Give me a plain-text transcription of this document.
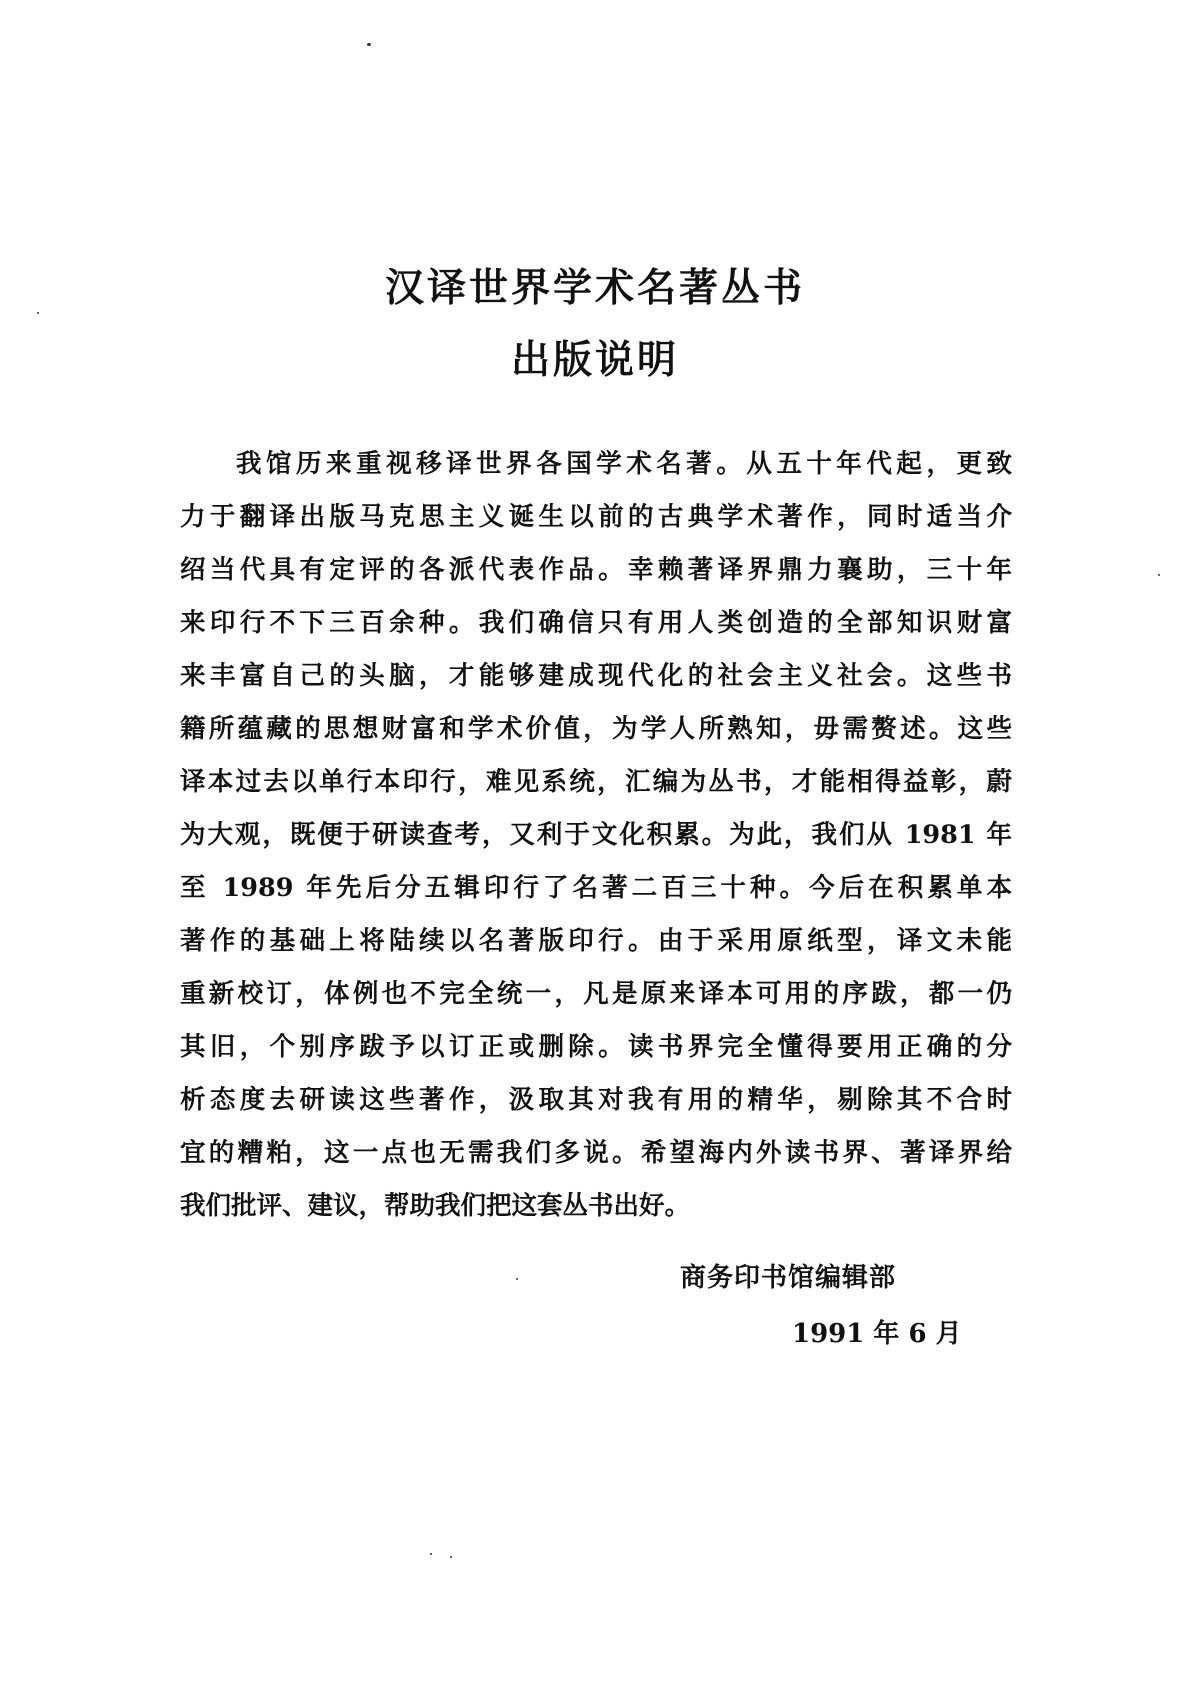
汉译世界学术名著丛书
出版说明
我馆历来重视移译世界各国学术名著。从五十年代起，更致
力于翻译出版马克思主义诞生以前的古典学术著作，同时适当介
绍当代具有定评的各派代表作品。幸赖著译界鼎力襄助，三十年
来印行不下三百余种。我们确信只有用人类创造的全部知识财富
来丰富自己的头脑，才能够建成现代化的社会主义社会。这些书
籍所蕴藏的思想财富和学术价值，为学人所熟知，毋需赘述。这些
译本过去以单行本印行，难见系统，汇编为丛书，才能相得益彰，蔚
为大观，既便于研读查考，又利于文化积累。为此，我们从 1981 年
至 1989 年先后分五辑印行了名著二百三十种。今后在积累单本
著作的基础上将陆续以名著版印行。由于采用原纸型，译文未能
重新校订，体例也不完全统一，凡是原来译本可用的序跋，都一仍
其旧，个别序跋予以订正或删除。读书界完全懂得要用正确的分
析态度去研读这些著作，汲取其对我有用的精华，剔除其不合时
宜的糟粕，这一点也无需我们多说。希望海内外读书界、著译界给
我们批评、建议，帮助我们把这套丛书出好。
商务印书馆编辑部
1991 年 6 月
